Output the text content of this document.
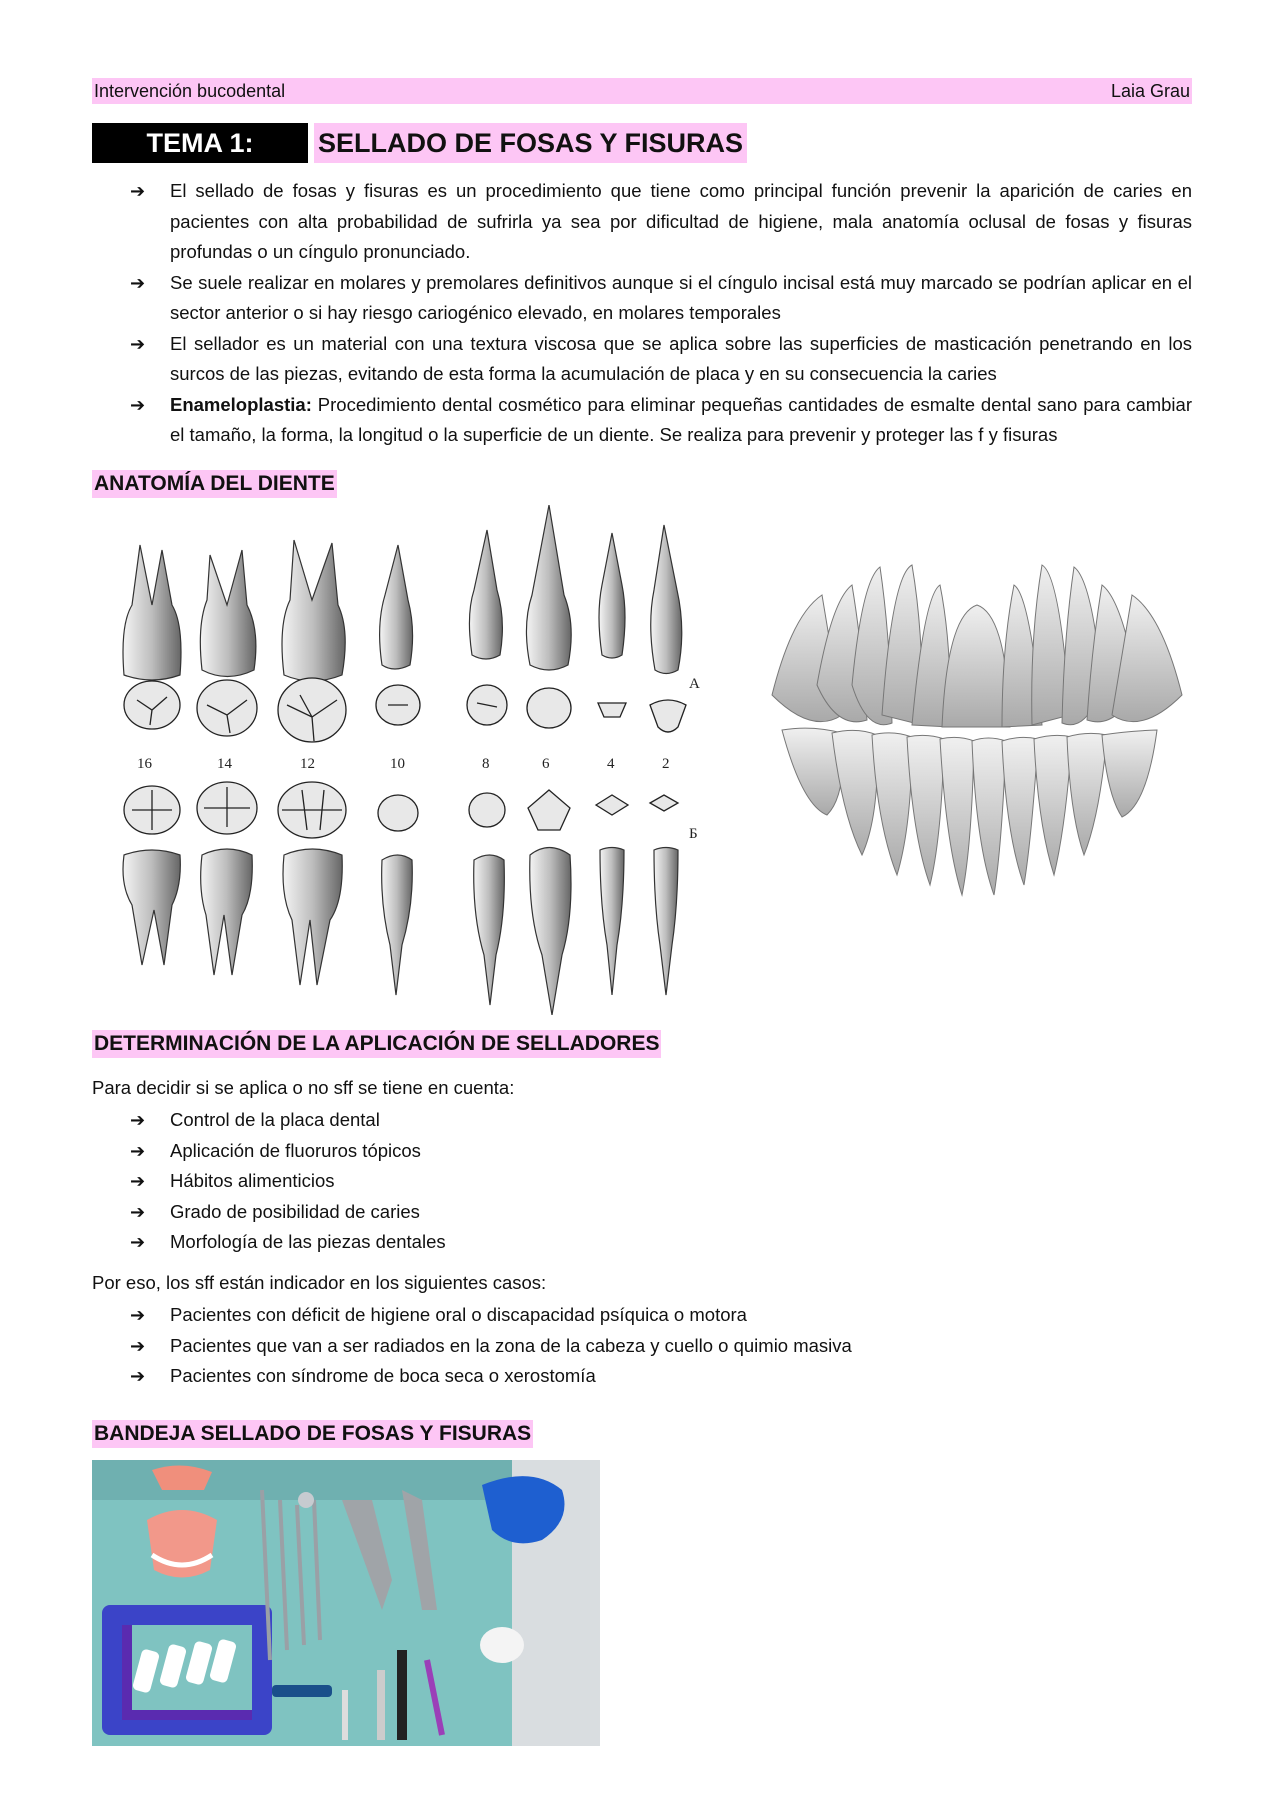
Intervención bucodental	Laia Grau
TEMA 1:	SELLADO DE FOSAS Y FISURAS
➔ El sellado de fosas y fisuras es un procedimiento que tiene como principal función prevenir la aparición de caries en pacientes con alta probabilidad de sufrirla ya sea por dificultad de higiene, mala anatomía oclusal de fosas y fisuras profundas o un cíngulo pronunciado.
➔ Se suele realizar en molares y premolares definitivos aunque si el cíngulo incisal está muy marcado se podrían aplicar en el sector anterior o si hay riesgo cariogénico elevado, en molares temporales
➔ El sellador es un material con una textura viscosa que se aplica sobre las superficies de masticación penetrando en los surcos de las piezas, evitando de esta forma la acumulación de placa y en su consecuencia la caries
➔ Enameloplastia: Procedimiento dental cosmético para eliminar pequeñas cantidades de esmalte dental sano para cambiar el tamaño, la forma, la longitud o la superficie de un diente. Se realiza para prevenir y proteger las f y fisuras
ANATOMÍA DEL DIENTE
16	14	12	10	8	6	4	2
A
Б
DETERMINACIÓN DE LA APLICACIÓN DE SELLADORES
Para decidir si se aplica o no sff se tiene en cuenta:
➔ Control de la placa dental
➔ Aplicación de fluoruros tópicos
➔ Hábitos alimenticios
➔ Grado de posibilidad de caries
➔ Morfología de las piezas dentales
Por eso, los sff están indicador en los siguientes casos:
➔ Pacientes con déficit de higiene oral o discapacidad psíquica o motora
➔ Pacientes que van a ser radiados en la zona de la cabeza y cuello o quimio masiva
➔ Pacientes con síndrome de boca seca o xerostomía
BANDEJA SELLADO DE FOSAS Y FISURAS
